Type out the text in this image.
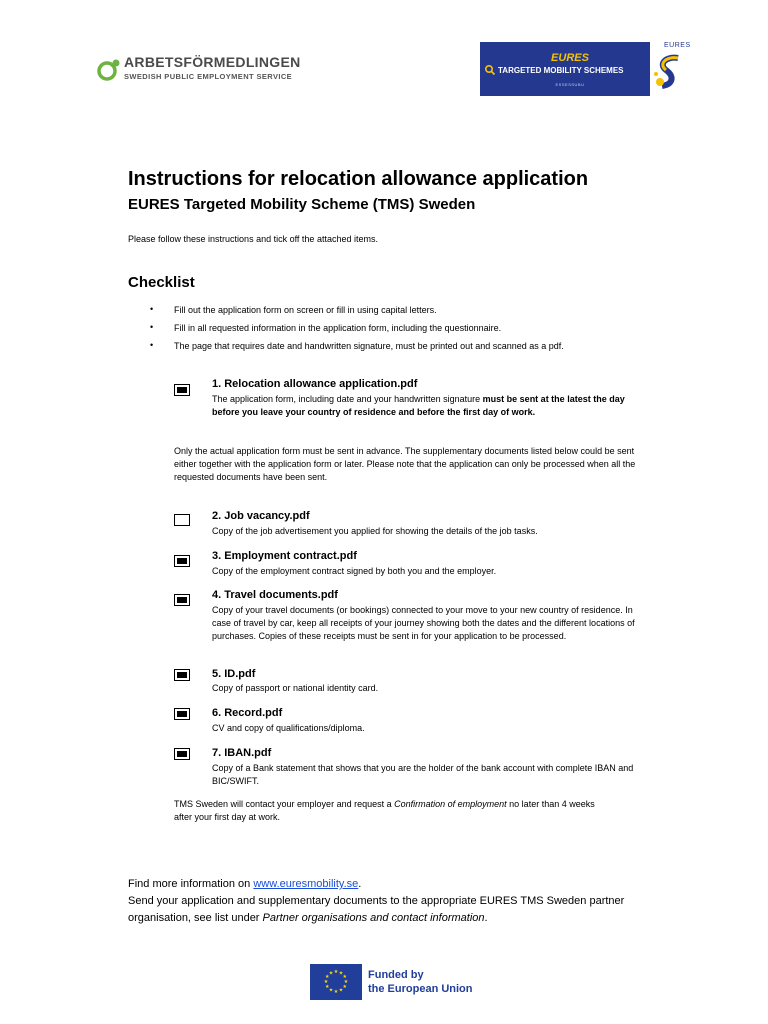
ARBETSFÖRMEDLINGEN
SWEDISH PUBLIC EMPLOYMENT SERVICE
EURES
TARGETED MOBILITY SCHEMES
ESSESSUBU
EURES
Instructions for relocation allowance application
EURES Targeted Mobility Scheme (TMS) Sweden
Please follow these instructions and tick off the attached items.
Checklist
• Fill out the application form on screen or fill in using capital letters.
• Fill in all requested information in the application form, including the questionnaire.
• The page that requires date and handwritten signature, must be printed out and scanned as a pdf.
1. Relocation allowance application.pdf
The application form, including date and your handwritten signature must be sent at the latest the day before you leave your country of residence and before the first day of work.
Only the actual application form must be sent in advance. The supplementary documents listed below could be sent either together with the application form or later. Please note that the application can only be processed when all the requested documents have been sent.
2. Job vacancy.pdf
Copy of the job advertisement you applied for showing the details of the job tasks.
3. Employment contract.pdf
Copy of the employment contract signed by both you and the employer.
4. Travel documents.pdf
Copy of your travel documents (or bookings) connected to your move to your new country of residence. In case of travel by car, keep all receipts of your journey showing both the dates and the different locations of purchases. Copies of these receipts must be sent in for your application to be processed.
5. ID.pdf
Copy of passport or national identity card.
6. Record.pdf
CV and copy of qualifications/diploma.
7. IBAN.pdf
Copy of a Bank statement that shows that you are the holder of the bank account with complete IBAN and BIC/SWIFT.
TMS Sweden will contact your employer and request a Confirmation of employment no later than 4 weeks after your first day at work.
Find more information on www.euresmobility.se.
Send your application and supplementary documents to the appropriate EURES TMS Sweden partner organisation, see list under Partner organisations and contact information.
★ ★
★
★
★
★
★
★
★
★
★
★	Funded by
the European Union
